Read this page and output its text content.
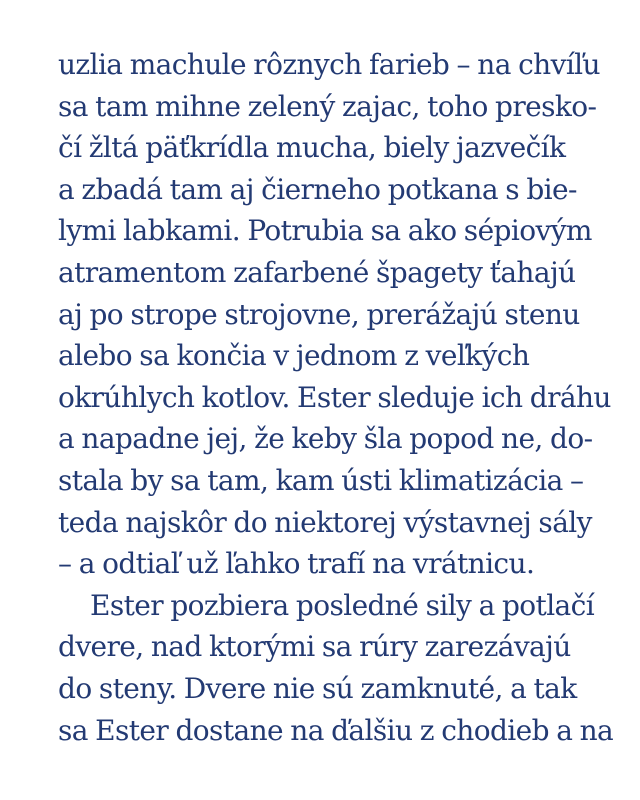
uzlia machule rôznych farieb – na chvíľu
sa tam mihne zelený zajac, toho presko-
čí žltá päťkrídla mucha, biely jazvečík
a zbadá tam aj čierneho potkana s bie-
lymi labkami. Potrubia sa ako sépiovým
atramentom zafarbené špagety ťahajú
aj po strope strojovne, prerážajú stenu
alebo sa končia v jednom z veľkých
okrúhlych kotlov. Ester sleduje ich dráhu
a napadne jej, že keby šla popod ne, do-
stala by sa tam, kam ústi klimatizácia –
teda najskôr do niektorej výstavnej sály
– a odtiaľ už ľahko trafí na vrátnicu.
Ester pozbiera posledné sily a potlačí
dvere, nad ktorými sa rúry zarezávajú
do steny. Dvere nie sú zamknuté, a tak
sa Ester dostane na ďalšiu z chodieb a na
